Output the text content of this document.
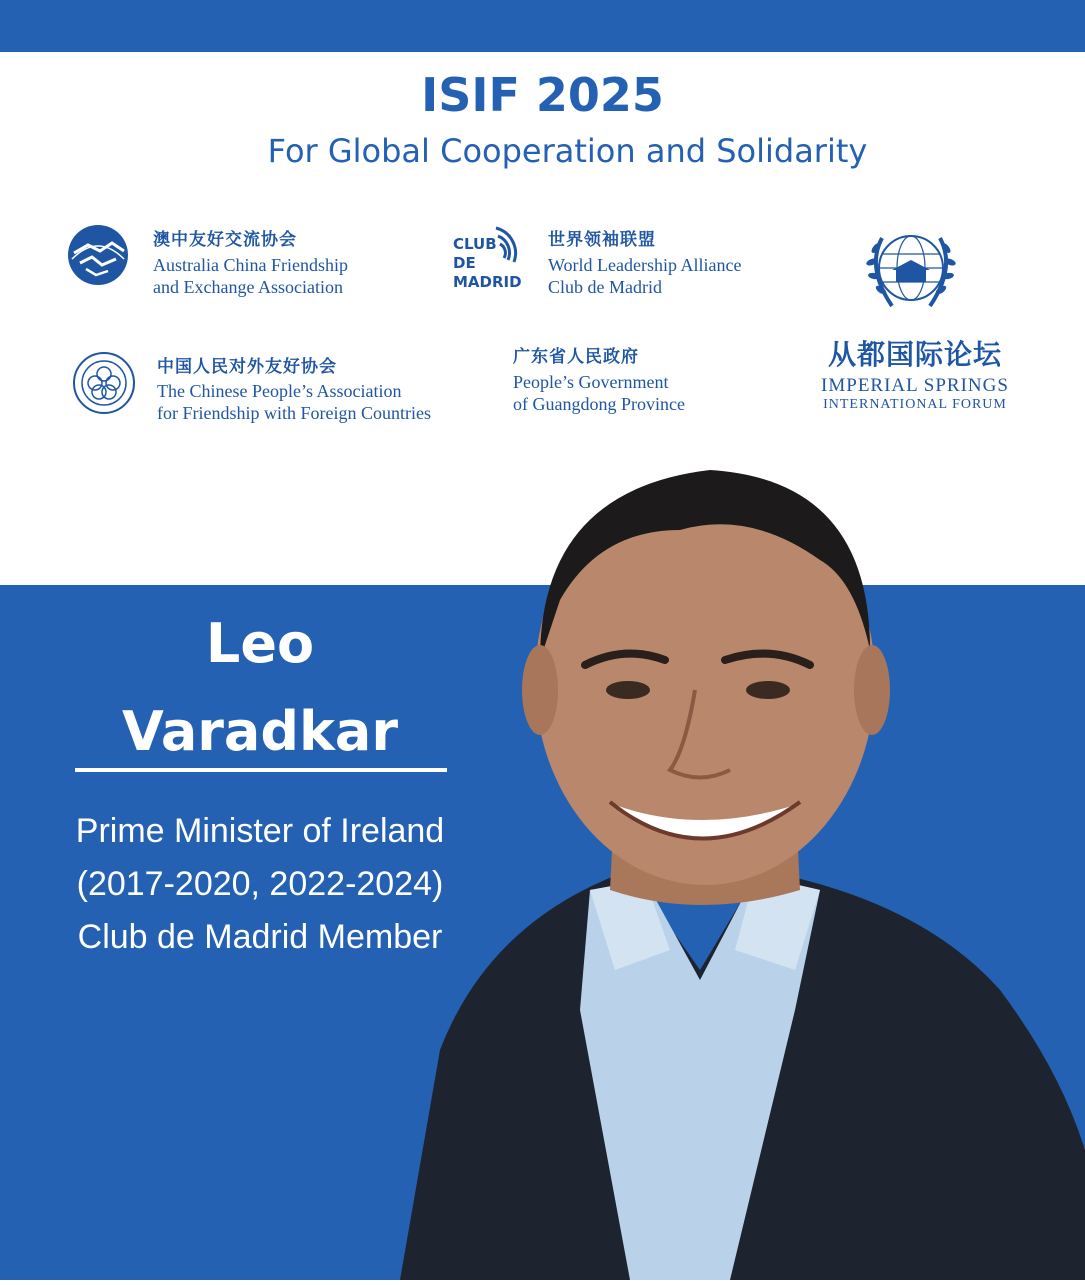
ISIF 2025
For Global Cooperation and Solidarity
澳中友好交流协会
Australia China Friendship
and Exchange Association
CLUB
DE
MADRID
世界领袖联盟
World Leadership Alliance
Club de Madrid
从都国际论坛
IMPERIAL SPRINGS
INTERNATIONAL FORUM
中国人民对外友好协会
The Chinese People’s Association
for Friendship with Foreign Countries
广东省人民政府
People’s Government
of Guangdong Province
Leo
Varadkar
Prime Minister of Ireland
(2017-2020, 2022-2024)
Club de Madrid Member
